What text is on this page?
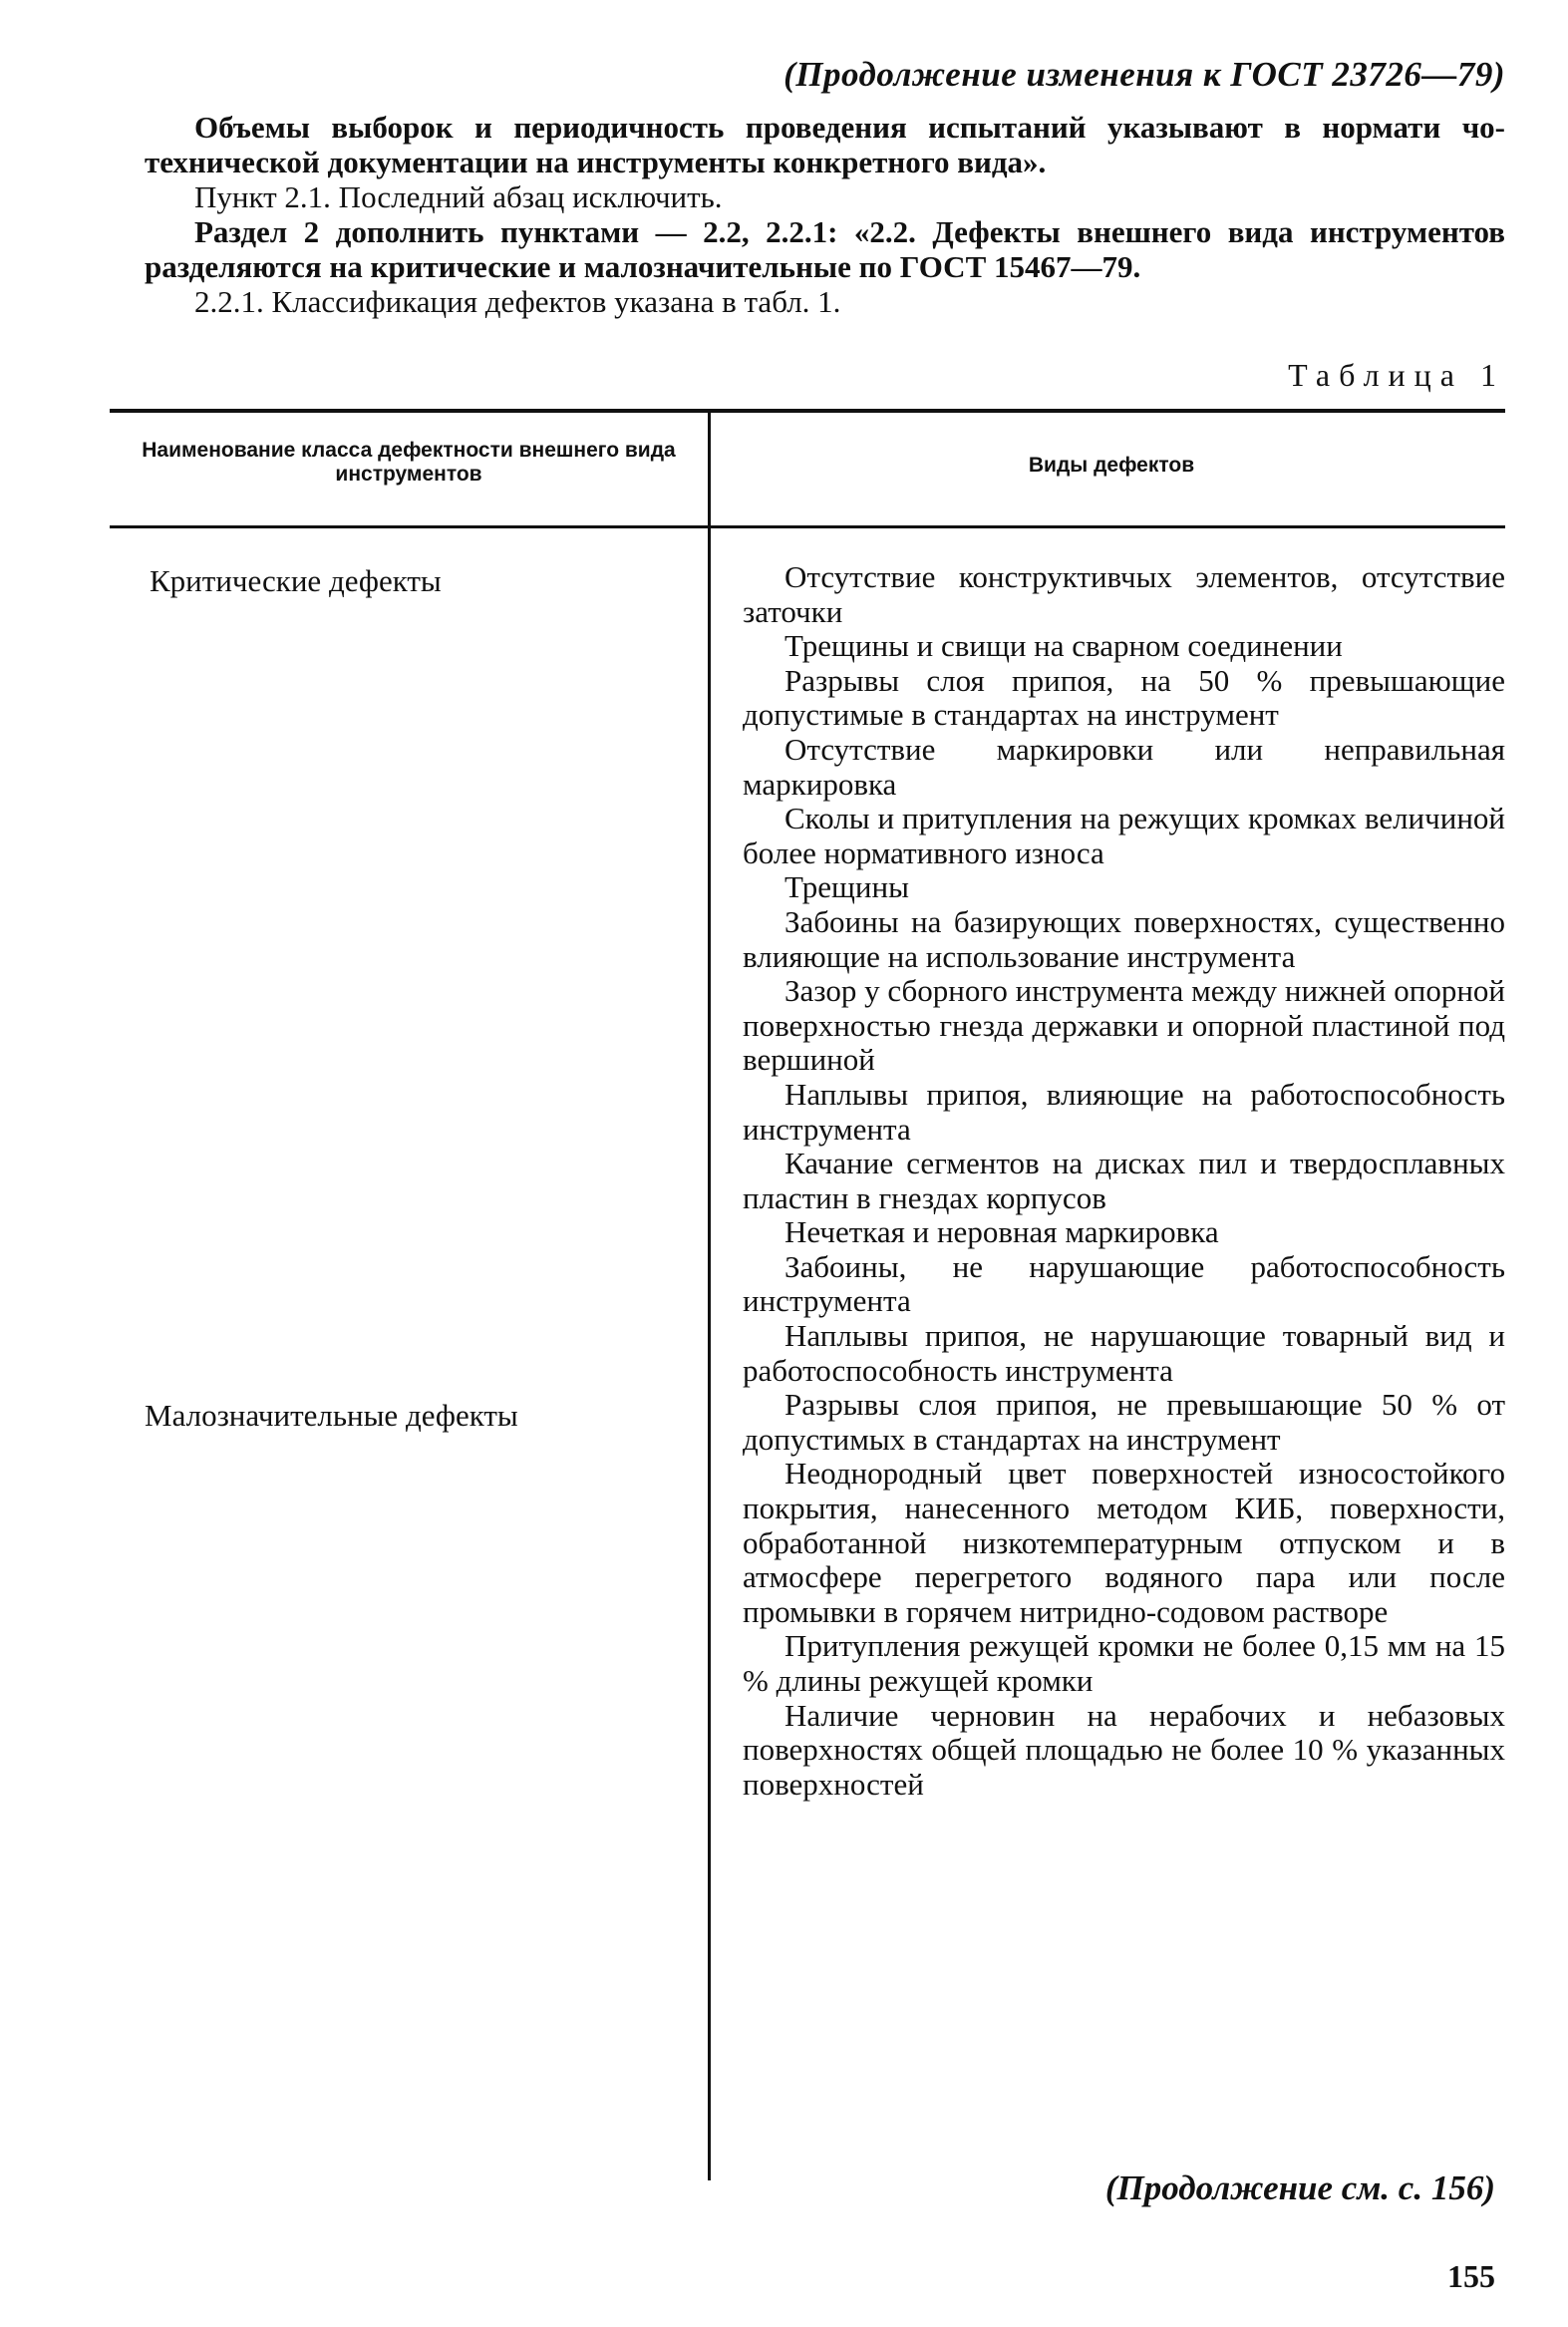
(Продолжение изменения к ГОСТ 23726—79)

Объемы выборок и периодичность проведения испытаний указывают в нормати чо-технической документации на инструменты конкретного вида».

Пункт 2.1. Последний абзац исключить.

Раздел 2 дополнить пунктами — 2.2, 2.2.1: «2.2. Дефекты внешнего вида инструментов разделяются на критические и малозначительные по ГОСТ 15467—79.

2.2.1. Классификация дефектов указана в табл. 1.

Таблица 1
Наименование класса дефектности внешнего вида инструментов	Виды дефектов
Критические дефекты
Малозначительные дефекты

Отсутствие конструктивчых элементов, отсутствие заточки

Трещины и свищи на сварном соединении

Разрывы слоя припоя, на 50 % превышающие допустимые в стандартах на инструмент

Отсутствие маркировки или неправильная маркировка

Сколы и притупления на режущих кромках величиной более нормативного износа

Трещины

Забоины на базирующих поверхностях, существенно влияющие на использование инструмента

Зазор у сборного инструмента между нижней опорной поверхностью гнезда державки и опорной пластиной под вершиной

Наплывы припоя, влияющие на работоспособность инструмента

Качание сегментов на дисках пил и твердосплавных пластин в гнездах корпусов

Нечеткая и неровная маркировка

Забоины, не нарушающие работоспособность инструмента

Наплывы припоя, не нарушающие товарный вид и работоспособность инструмента

Разрывы слоя припоя, не превышающие 50 % от допустимых в стандартах на инструмент

Неоднородный цвет поверхностей износостойкого покрытия, нанесенного методом КИБ, поверхности, обработанной низкотемпературным отпуском и в атмосфере перегретого водяного пара или после промывки в горячем нитридно-содовом растворе

Притупления режущей кромки не более 0,15 мм на 15 % длины режущей кромки

Наличие черновин на нерабочих и небазовых поверхностях общей площадью не более 10 % указанных поверхностей

(Продолжение см. с. 156)
155
